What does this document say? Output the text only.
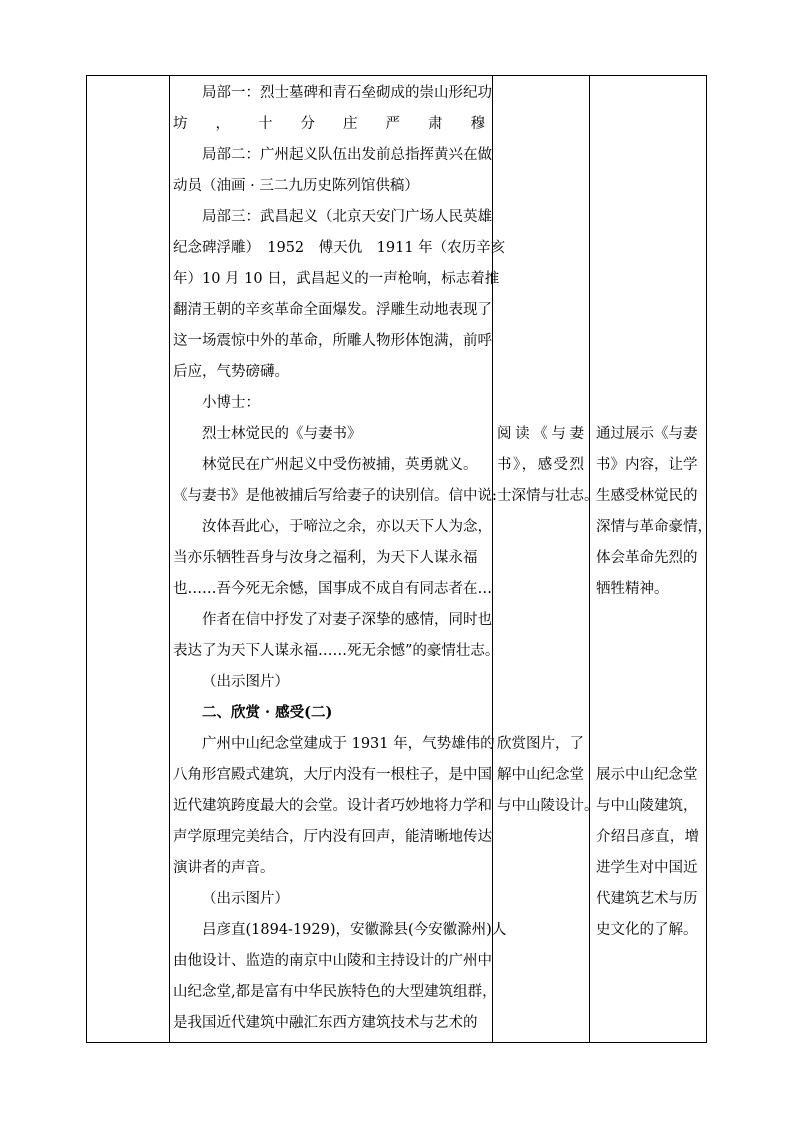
局部一：烈士墓碑和青石垒砌成的崇山形纪功
坊，十分庄严肃穆
局部二：广州起义队伍出发前总指挥黄兴在做
动员（油画 · 三二九历史陈列馆供稿）
局部三：武昌起义（北京天安门广场人民英雄
纪念碑浮雕）　1952　傅天仇　1911 年（农历辛亥
年）10 月 10 日，武昌起义的一声枪响，标志着推
翻清王朝的辛亥革命全面爆发。浮雕生动地表现了
这一场震惊中外的革命，所雕人物形体饱满，前呼
后应，气势磅礴。
小博士：
烈士林觉民的《与妻书》
林觉民在广州起义中受伤被捕，英勇就义。
《与妻书》是他被捕后写给妻子的诀别信。信中说:
汝体吾此心，于啼泣之余，亦以天下人为念，
当亦乐牺牲吾身与汝身之福利，为天下人谋永福
也……吾今死无余憾，国事成不成自有同志者在…
作者在信中抒发了对妻子深挚的感情，同时也
表达了为天下人谋永福……死无余憾”的豪情壮志。
（出示图片）
二、欣赏 · 感受(二)
广州中山纪念堂建成于 1931 年，气势雄伟的
八角形宫殿式建筑，大厅内没有一根柱子，是中国
近代建筑跨度最大的会堂。设计者巧妙地将力学和
声学原理完美结合，厅内没有回声，能清晰地传达
演讲者的声音。
（出示图片）
吕彦直(1894-1929)，安徽滁县(今安徽滁州)人
由他设计、监造的南京中山陵和主持设计的广州中
山纪念堂,都是富有中华民族特色的大型建筑组群，
是我国近代建筑中融汇东西方建筑技术与艺术的
阅读《与妻
书》，感受烈
士深情与壮志。
欣赏图片，了
解中山纪念堂
与中山陵设计。
通过展示《与妻
书》内容，让学
生感受林觉民的
深情与革命豪情，
体会革命先烈的
牺牲精神。
展示中山纪念堂
与中山陵建筑，
介绍吕彦直，增
进学生对中国近
代建筑艺术与历
史文化的了解。
